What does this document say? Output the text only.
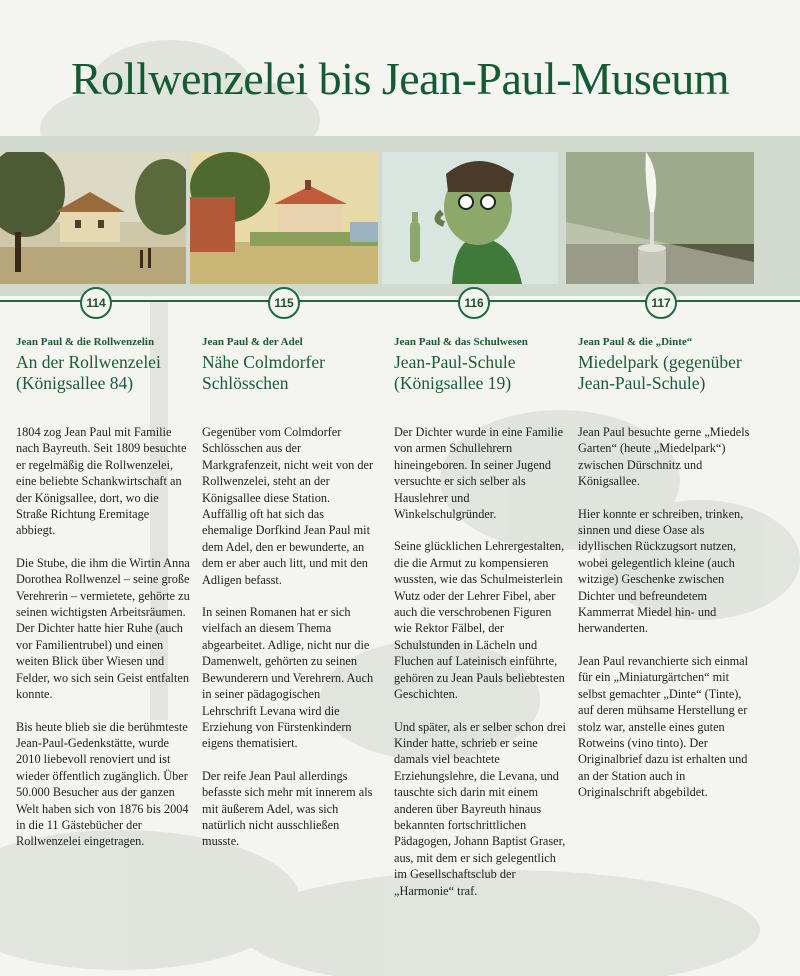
Rollwenzelei bis Jean-Paul-Museum
114	115	116	117
Jean Paul & die Rollwenzelin
An der Rollwenzelei
(Königsallee 84)

1804 zog Jean Paul mit Familie nach Bayreuth. Seit 1809 besuchte er regelmäßig die Rollwenzelei, eine beliebte Schankwirtschaft an der Königsallee, dort, wo die Straße Richtung Eremitage abbiegt.

Die Stube, die ihm die Wirtin Anna Dorothea Rollwenzel – seine große Verehrerin – vermietete, gehörte zu seinen wichtigsten Arbeitsräumen. Der Dichter hatte hier Ruhe (auch vor Familientrubel) und einen weiten Blick über Wiesen und Felder, wo sich sein Geist entfalten konnte.

Bis heute blieb sie die berühmteste Jean-Paul-Gedenkstätte, wurde 2010 liebevoll renoviert und ist wieder öffentlich zugänglich. Über 50.000 Besucher aus der ganzen Welt haben sich von 1876 bis 2004 in die 11 Gästebücher der Rollwenzelei eingetragen.

Jean Paul & der Adel
Nähe Colmdorfer
Schlösschen

Gegenüber vom Colmdorfer Schlösschen aus der Markgrafenzeit, nicht weit von der Rollwenzelei, steht an der Königsallee diese Station. Auffällig oft hat sich das ehemalige Dorfkind Jean Paul mit dem Adel, den er bewunderte, an dem er aber auch litt, und mit den Adligen befasst.

In seinen Romanen hat er sich vielfach an diesem Thema abgearbeitet. Adlige, nicht nur die Damenwelt, gehörten zu seinen Bewunderern und Verehrern. Auch in seiner pädagogischen Lehrschrift Levana wird die Erziehung von Fürstenkindern eigens thematisiert.

Der reife Jean Paul allerdings befasste sich mehr mit innerem als mit äußerem Adel, was sich natürlich nicht ausschließen musste.

Jean Paul & das Schulwesen
Jean-Paul-Schule
(Königsallee 19)

Der Dichter wurde in eine Familie von armen Schullehrern hineingeboren. In seiner Jugend versuchte er sich selber als Hauslehrer und Winkelschulgründer.

Seine glücklichen Lehrergestalten, die die Armut zu kompensieren wussten, wie das Schulmeisterlein Wutz oder der Lehrer Fibel, aber auch die verschrobenen Figuren wie Rektor Fälbel, der Schulstunden in Lächeln und Fluchen auf Lateinisch einführte, gehören zu Jean Pauls beliebtesten Geschichten.

Und später, als er selber schon drei Kinder hatte, schrieb er seine damals viel beachtete Erziehungslehre, die Levana, und tauschte sich darin mit einem anderen über Bayreuth hinaus bekannten fortschrittlichen Pädagogen, Johann Baptist Graser, aus, mit dem er sich gelegentlich im Gesellschaftsclub der „Harmonie“ traf.

Jean Paul & die „Dinte“
Miedelpark (gegenüber
Jean-Paul-Schule)

Jean Paul besuchte gerne „Miedels Garten“ (heute „Miedelpark“) zwischen Dürschnitz und Königsallee.

Hier konnte er schreiben, trinken, sinnen und diese Oase als idyllischen Rückzugsort nutzen, wobei gelegentlich kleine (auch witzige) Geschenke zwischen Dichter und befreundetem Kammerrat Miedel hin- und herwanderten.

Jean Paul revanchierte sich einmal für ein „Miniaturgärtchen“ mit selbst gemachter „Dinte“ (Tinte), auf deren mühsame Herstellung er stolz war, anstelle eines guten Rotweins (vino tinto). Der Originalbrief dazu ist erhalten und an der Station auch in Originalschrift abgebildet.
